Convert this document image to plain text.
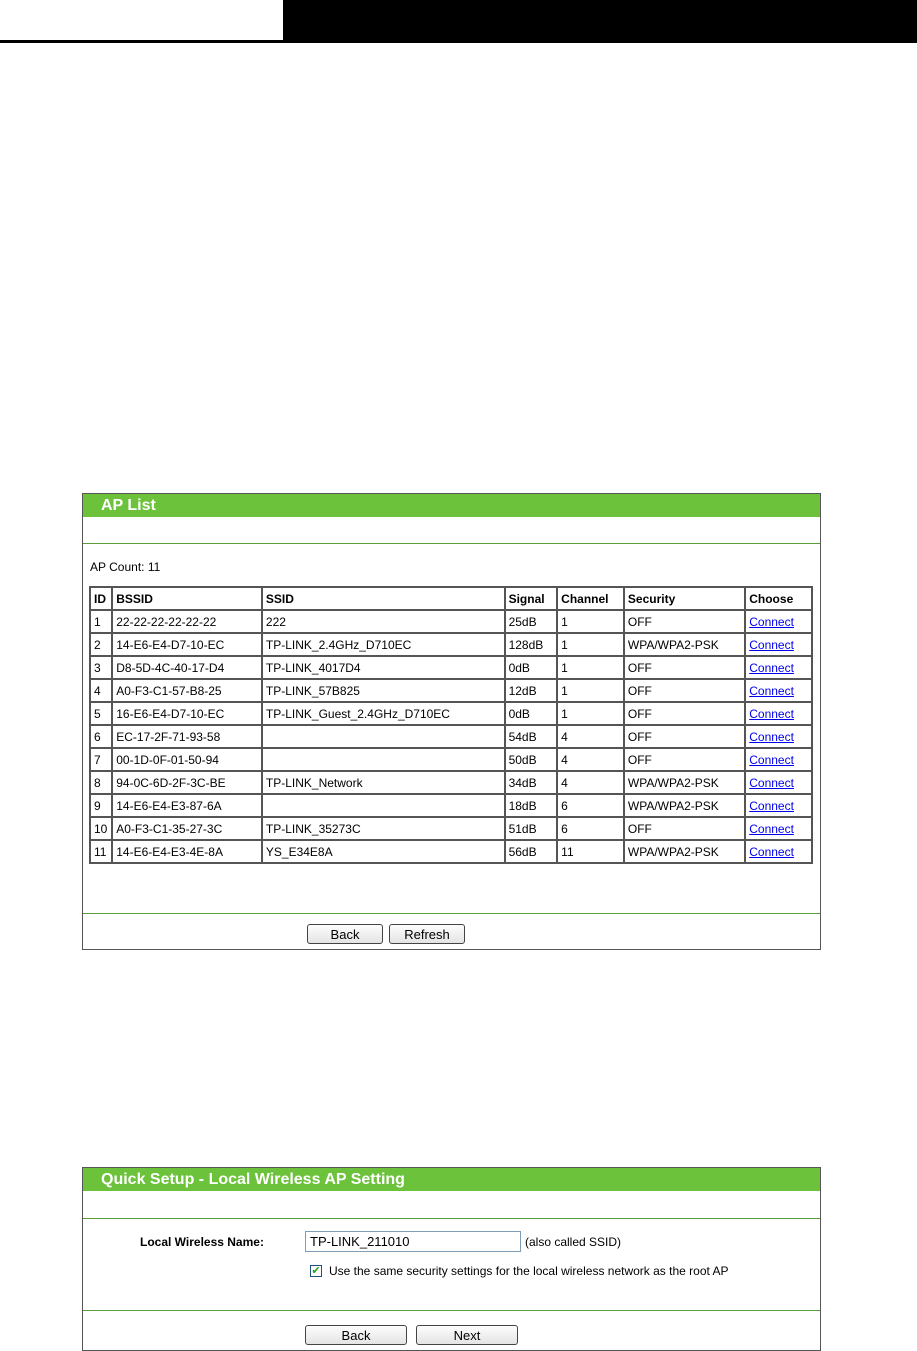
AP List
AP Count: 11
ID	BSSID	SSID	Signal	Channel	Security	Choose
1	22-22-22-22-22-22	222	25dB	1	OFF	Connect
2	14-E6-E4-D7-10-EC	TP-LINK_2.4GHz_D710EC	128dB	1	WPA/WPA2-PSK	Connect
3	D8-5D-4C-40-17-D4	TP-LINK_4017D4	0dB	1	OFF	Connect
4	A0-F3-C1-57-B8-25	TP-LINK_57B825	12dB	1	OFF	Connect
5	16-E6-E4-D7-10-EC	TP-LINK_Guest_2.4GHz_D710EC	0dB	1	OFF	Connect
6	EC-17-2F-71-93-58		54dB	4	OFF	Connect
7	00-1D-0F-01-50-94		50dB	4	OFF	Connect
8	94-0C-6D-2F-3C-BE	TP-LINK_Network	34dB	4	WPA/WPA2-PSK	Connect
9	14-E6-E4-E3-87-6A		18dB	6	WPA/WPA2-PSK	Connect
10	A0-F3-C1-35-27-3C	TP-LINK_35273C	51dB	6	OFF	Connect
11	14-E6-E4-E3-4E-8A	YS_E34E8A	56dB	11	WPA/WPA2-PSK	Connect
Back	Refresh
Quick Setup - Local Wireless AP Setting
Local Wireless Name:
TP-LINK_211010	(also called SSID)
✔ Use the same security settings for the local wireless network as the root AP
Back	Next
